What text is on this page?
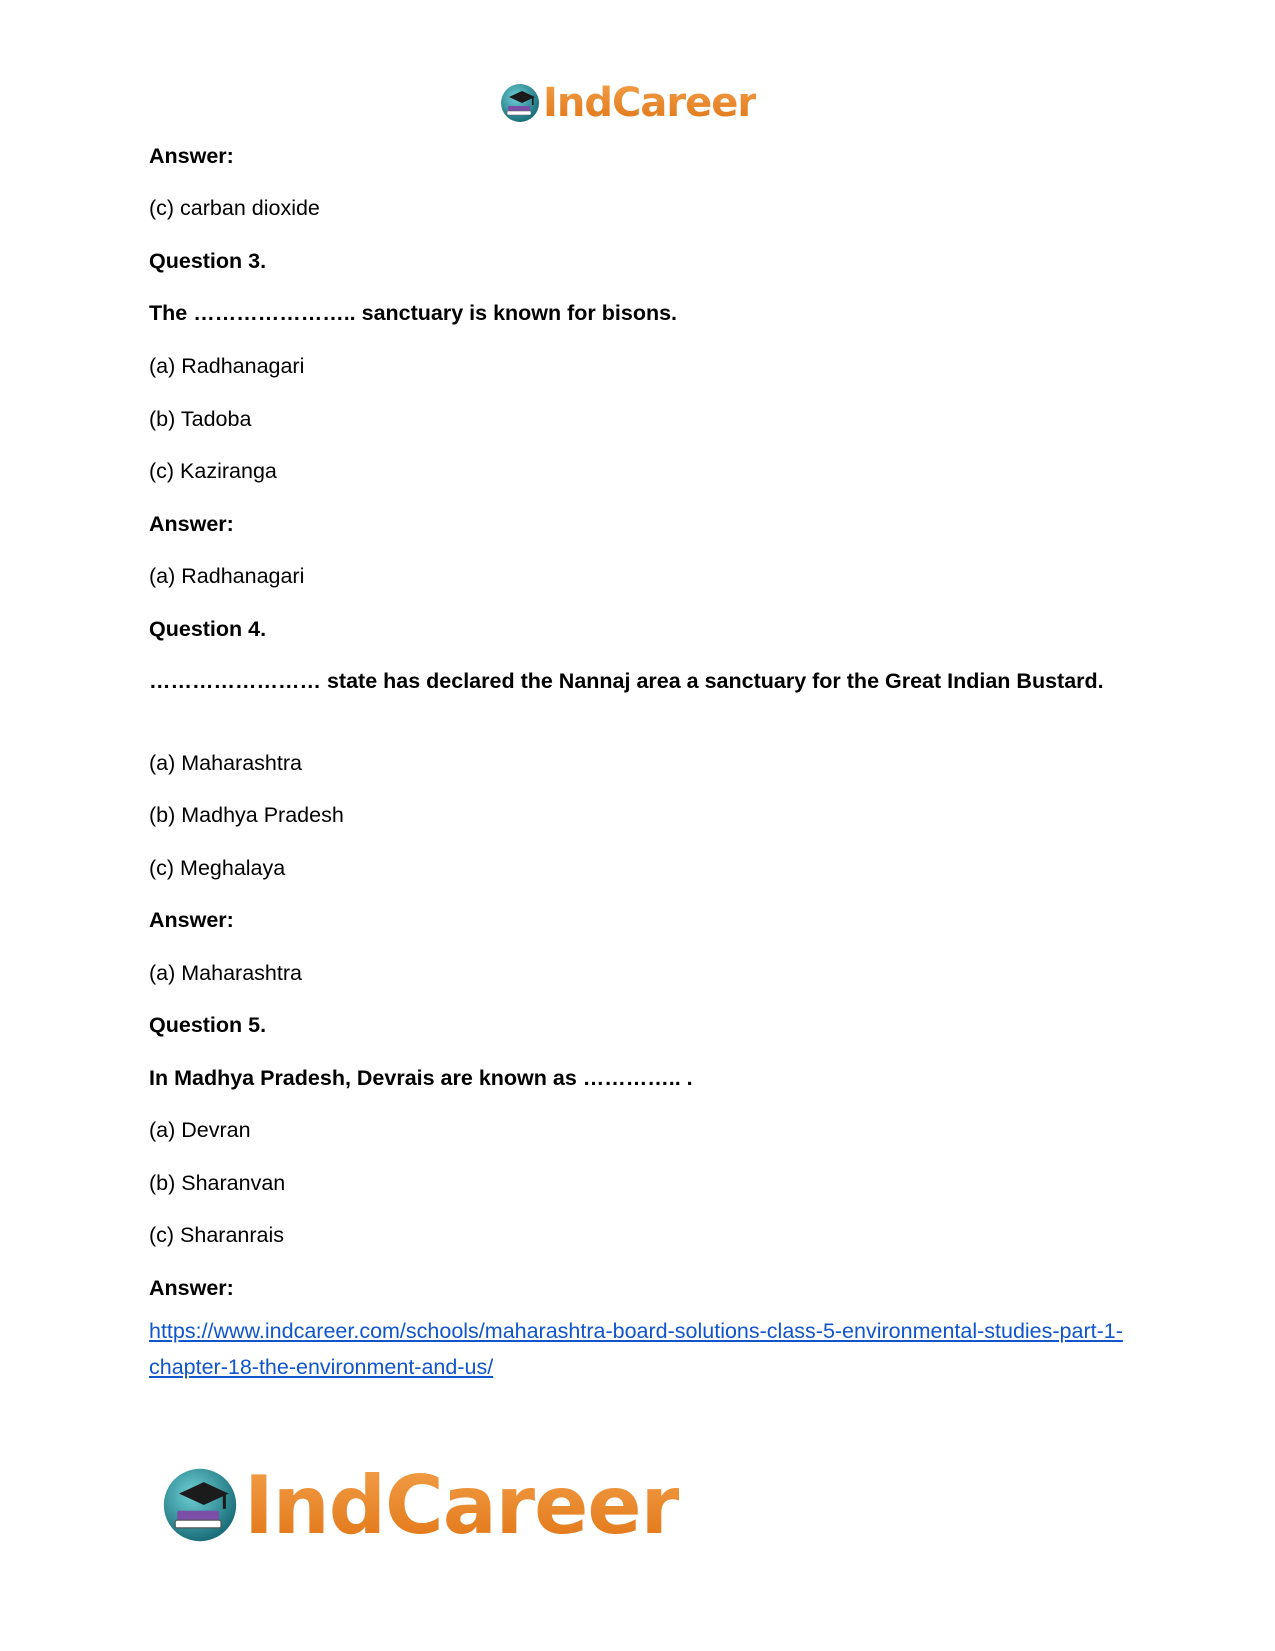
IndCareer
Answer:
(c) carban dioxide
Question 3.
The ………………….. sanctuary is known for bisons.
(a) Radhanagari
(b) Tadoba
(c) Kaziranga
Answer:
(a) Radhanagari
Question 4.
…………………… state has declared the Nannaj area a sanctuary for the Great Indian Bustard.
(a) Maharashtra
(b) Madhya Pradesh
(c) Meghalaya
Answer:
(a) Maharashtra
Question 5.
In Madhya Pradesh, Devrais are known as ………….. .
(a) Devran
(b) Sharanvan
(c) Sharanrais
Answer:
https://www.indcareer.com/schools/maharashtra-board-solutions-class-5-environmental-studies-part-1-chapter-18-the-environment-and-us/
IndCareer
